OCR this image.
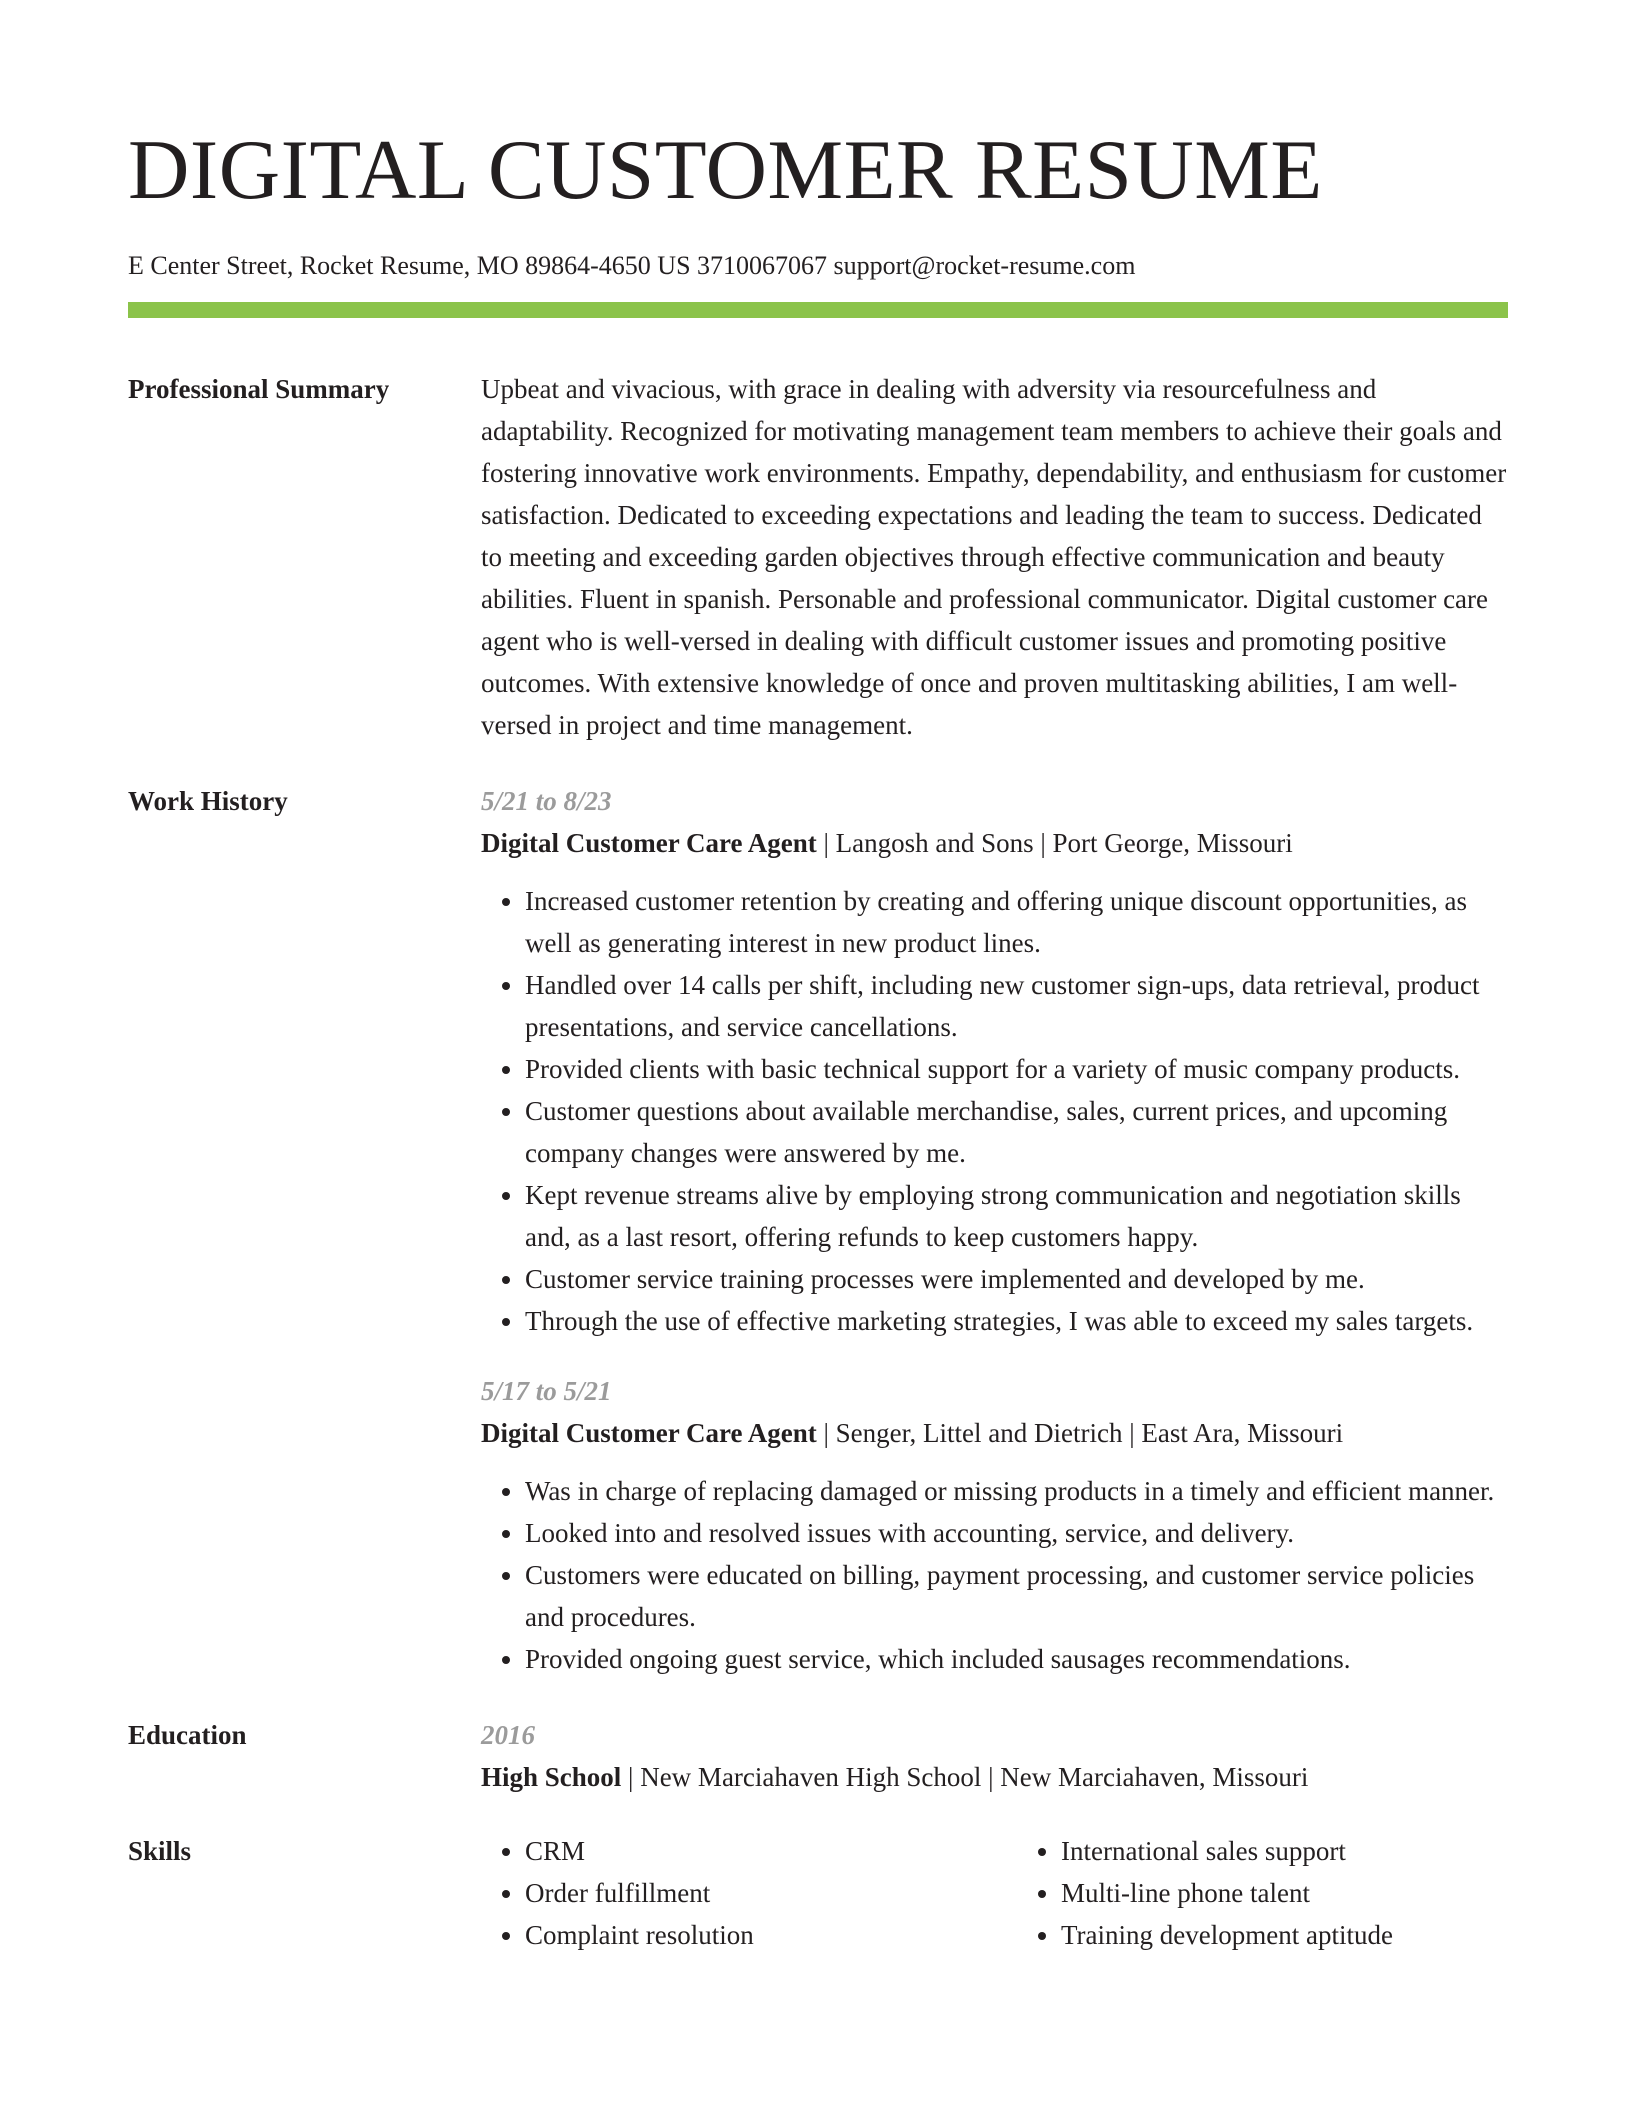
DIGITAL CUSTOMER RESUME
E Center Street, Rocket Resume, MO 89864-4650 US 3710067067 support@rocket-resume.com
Professional Summary	Upbeat and vivacious, with grace in dealing with adversity via resourcefulness and adaptability. Recognized for motivating management team members to achieve their goals and fostering innovative work environments. Empathy, dependability, and enthusiasm for customer satisfaction. Dedicated to exceeding expectations and leading the team to success. Dedicated to meeting and exceeding garden objectives through effective communication and beauty abilities. Fluent in spanish. Personable and professional communicator. Digital customer care agent who is well-versed in dealing with difficult customer issues and promoting positive outcomes. With extensive knowledge of once and proven multitasking abilities, I am well-versed in project and time management.
Work History	5/21 to 8/23
Digital Customer Care Agent | Langosh and Sons | Port George, Missouri
• Increased customer retention by creating and offering unique discount opportunities, as well as generating interest in new product lines.
• Handled over 14 calls per shift, including new customer sign-ups, data retrieval, product presentations, and service cancellations.
• Provided clients with basic technical support for a variety of music company products.
• Customer questions about available merchandise, sales, current prices, and upcoming company changes were answered by me.
• Kept revenue streams alive by employing strong communication and negotiation skills and, as a last resort, offering refunds to keep customers happy.
• Customer service training processes were implemented and developed by me.
• Through the use of effective marketing strategies, I was able to exceed my sales targets.
5/17 to 5/21
Digital Customer Care Agent | Senger, Littel and Dietrich | East Ara, Missouri
• Was in charge of replacing damaged or missing products in a timely and efficient manner.
• Looked into and resolved issues with accounting, service, and delivery.
• Customers were educated on billing, payment processing, and customer service policies and procedures.
• Provided ongoing guest service, which included sausages recommendations.
Education	2016
High School | New Marciahaven High School | New Marciahaven, Missouri
Skills
•	CRM
• Order fulfillment
• Complaint resolution
• International sales support
• Multi-line phone talent
• Training development aptitude
